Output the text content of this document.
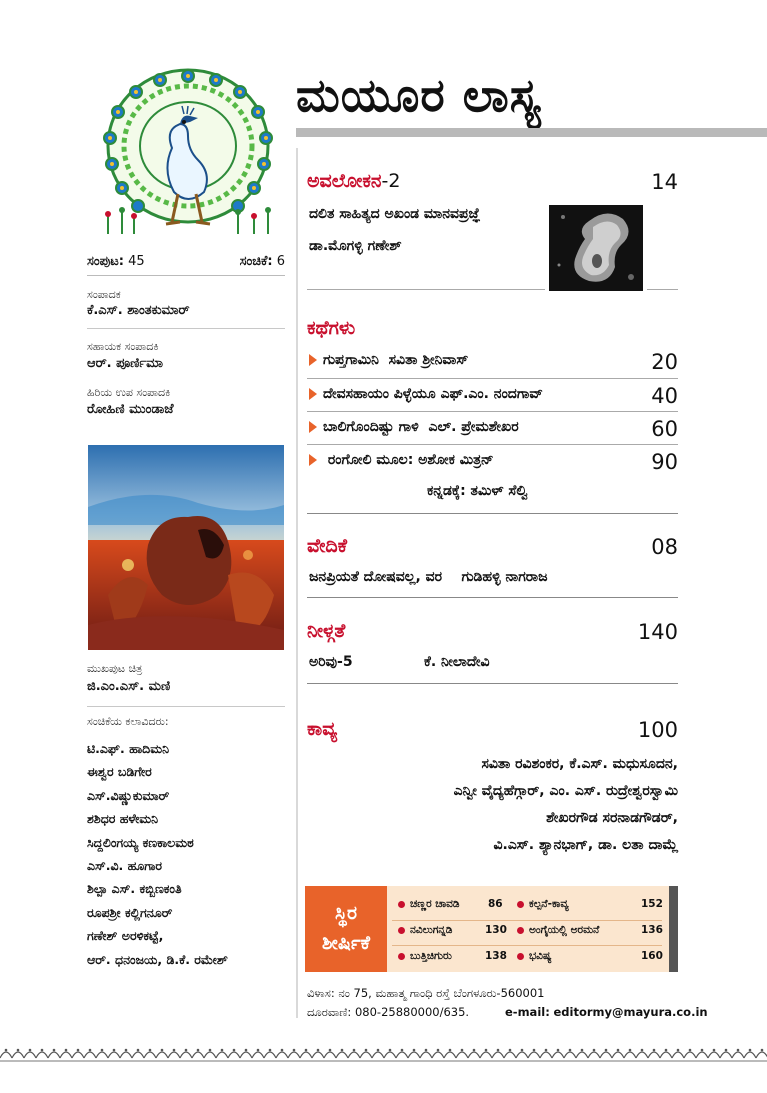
ಮಯೂರ ಲಾಸ್ಯ
ಸಂಪುಟ: 45	ಸಂಚಿಕೆ: 6
ಸಂಪಾದಕ
ಕೆ.ಎಸ್. ಶಾಂತಕುಮಾರ್
ಸಹಾಯಕ ಸಂಪಾದಕಿ
ಆರ್. ಪೂರ್ಣಿಮಾ
ಹಿರಿಯ ಉಪ ಸಂಪಾದಕಿ
ರೋಹಿಣಿ ಮುಂಡಾಜೆ
ಮುಖಪುಟ ಚಿತ್ರ
ಜಿ.ಎಂ.ಎಸ್. ಮಣಿ
ಸಂಚಿಕೆಯ ಕಲಾವಿದರು:
ಟಿ.ಎಫ್. ಹಾದಿಮನಿ
ಈಶ್ವರ ಬಡಿಗೇರ
ಎಸ್.ವಿಷ್ಣುಕುಮಾರ್
ಶಶಿಧರ ಹಳೇಮನಿ
ಸಿದ್ದಲಿಂಗಯ್ಯ ಕಣಕಾಲಮಠ
ಎಸ್.ವಿ. ಹೂಗಾರ
ಶಿಲ್ಪಾ ಎಸ್. ಕಬ್ಬಿಣಕಂತಿ
ರೂಪಶ್ರೀ ಕಲ್ಲಿಗನೂರ್
ಗಣೇಶ್ ಅರಳಿಕಟ್ಟೆ,
ಆರ್. ಧನಂಜಯ, ಡಿ.ಕೆ. ರಮೇಶ್
ಅವಲೋಕನ-2	14
ದಲಿತ ಸಾಹಿತ್ಯದ ಅಖಂಡ ಮಾನವಪ್ರಜ್ಞೆ
ಡಾ.ಮೊಗಳ್ಳಿ ಗಣೇಶ್
ಕಥೆಗಳು
ಗುಪ್ತಗಾಮಿನಿ ಸವಿತಾ ಶ್ರೀನಿವಾಸ್	20
ದೇವಸಹಾಯಂ ಪಿಳ್ಳೆಯೂ ಎಫ್.ಎಂ. ನಂದಗಾವ್	40
ಬಾಲಿಗೊಂದಿಷ್ಟು ಗಾಳಿ ಎಲ್. ಪ್ರೇಮಶೇಖರ	60
ರಂಗೋಲಿ ಮೂಲ: ಅಶೋಕ ಮಿತ್ರನ್	90
ಕನ್ನಡಕ್ಕೆ: ತಮಿಳ್ ಸೆಲ್ವಿ
ವೇದಿಕೆ	08
ಜನಪ್ರಿಯತೆ ದೋಷವಲ್ಲ, ವರ ಗುಡಿಹಳ್ಳಿ ನಾಗರಾಜ
ನೀಳ್ಗತೆ	140
ಅರಿವು-5	ಕೆ. ನೀಲಾದೇವಿ
ಕಾವ್ಯ	100
ಸವಿತಾ ರವಿಶಂಕರ, ಕೆ.ಎಸ್. ಮಧುಸೂದನ,
ಎನ್ವೀ ವೈದ್ಯಹೆಗ್ಗಾರ್, ಎಂ. ಎಸ್. ರುದ್ರೇಶ್ವರಸ್ವಾಮಿ
ಶೇಖರಗೌಡ ಸರನಾಡಗೌಡರ್,
ವಿ.ಎಸ್. ಶ್ಯಾನಭಾಗ್, ಡಾ. ಲತಾ ದಾಮ್ಲೆ
ಸ್ಥಿರ
ಶೀರ್ಷಿಕೆ
ಚಣ್ಣರ ಚಾವಡಿ	86	ಕಲ್ಪನೆ-ಕಾವ್ಯ	152
ನವಿಲುಗನ್ನಡಿ	130	ಅಂಗೈಯಲ್ಲಿ ಅರಮನೆ	136
ಬುತ್ತಿಚಿಗುರು	138	ಭವಿಷ್ಯ	160
ವಿಳಾಸ: ನಂ 75, ಮಹಾತ್ಮ ಗಾಂಧಿ ರಸ್ತೆ ಬೆಂಗಳೂರು-560001
ದೂರವಾಣಿ: 080-25880000/635.	e-mail: editormy@mayura.co.in
